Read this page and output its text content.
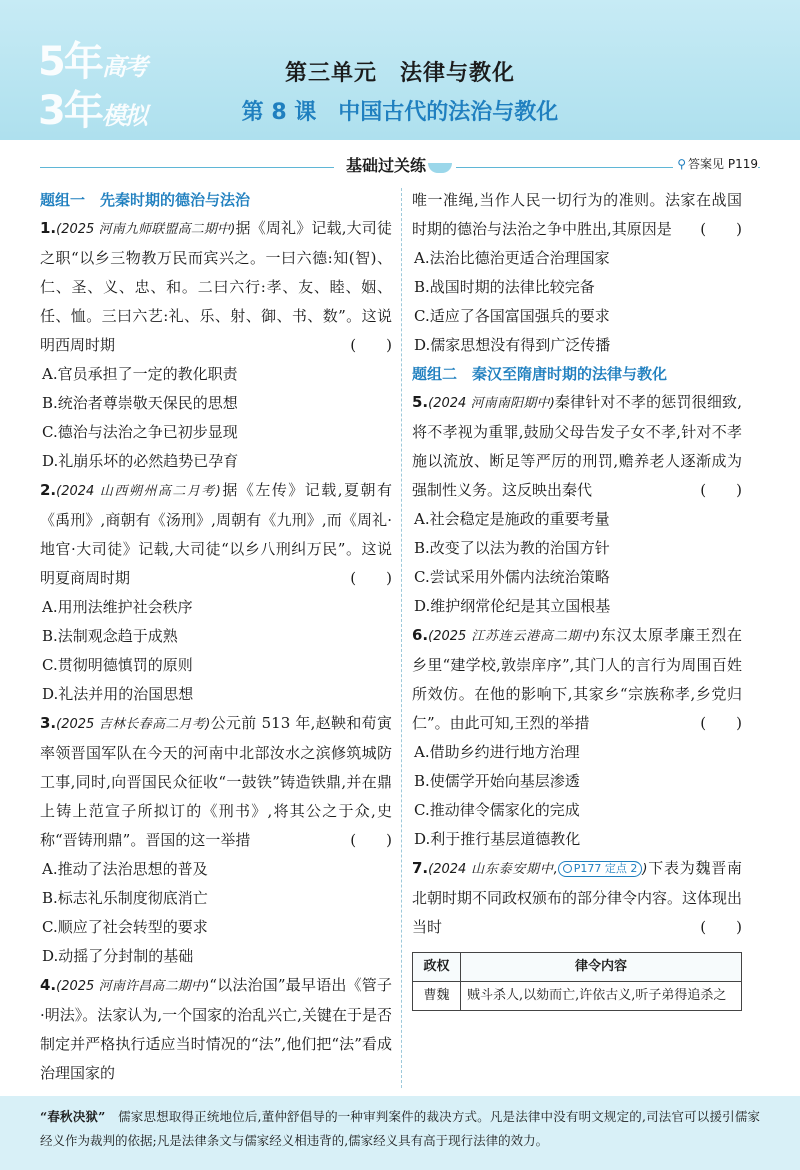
5年高考
3年模拟
第三单元　法律与教化
第 8 课　中国古代的法治与教化
基础过关练	⚲ 答案见 P119
题组一　先秦时期的德治与法治
1.(2025 河南九师联盟高二期中)据《周礼》记载,大司徒之职“以乡三物教万民而宾兴之。一曰六德:知(智)、仁、圣、义、忠、和。二曰六行:孝、友、睦、姻、任、恤。三曰六艺:礼、乐、射、御、书、数”。这说明西周时期	(　　)
A.官员承担了一定的教化职责
B.统治者尊崇敬天保民的思想
C.德治与法治之争已初步显现
D.礼崩乐坏的必然趋势已孕育
2.(2024 山西朔州高二月考)据《左传》记载,夏朝有《禹刑》,商朝有《汤刑》,周朝有《九刑》,而《周礼·地官·大司徒》记载,大司徒“以乡八刑纠万民”。这说明夏商周时期	(　　)
A.用刑法维护社会秩序
B.法制观念趋于成熟
C.贯彻明德慎罚的原则
D.礼法并用的治国思想
3.(2025 吉林长春高二月考)公元前 513 年,赵鞅和荀寅率领晋国军队在今天的河南中北部汝水之滨修筑城防工事,同时,向晋国民众征收“一鼓铁”铸造铁鼎,并在鼎上铸上范宣子所拟订的《刑书》,将其公之于众,史称“晋铸刑鼎”。晋国的这一举措	(　　)
A.推动了法治思想的普及
B.标志礼乐制度彻底消亡
C.顺应了社会转型的要求
D.动摇了分封制的基础
4.(2025 河南许昌高二期中)“以法治国”最早语出《管子·明法》。法家认为,一个国家的治乱兴亡,关键在于是否制定并严格执行适应当时情况的“法”,他们把“法”看成治理国家的
唯一准绳,当作人民一切行为的准则。法家在战国时期的德治与法治之争中胜出,其原因是 (　　)
A.法治比德治更适合治理国家
B.战国时期的法律比较完备
C.适应了各国富国强兵的要求
D.儒家思想没有得到广泛传播
题组二　秦汉至隋唐时期的法律与教化
5.(2024 河南南阳期中)秦律针对不孝的惩罚很细致,将不孝视为重罪,鼓励父母告发子女不孝,针对不孝施以流放、断足等严厉的刑罚,赡养老人逐渐成为强制性义务。这反映出秦代	(　　)
A.社会稳定是施政的重要考量
B.改变了以法为教的治国方针
C.尝试采用外儒内法统治策略
D.维护纲常伦纪是其立国根基
6.(2025 江苏连云港高二期中)东汉太原孝廉王烈在乡里“建学校,敦崇庠序”,其门人的言行为周围百姓所效仿。在他的影响下,其家乡“宗族称孝,乡党归仁”。由此可知,王烈的举措	(　　)
A.借助乡约进行地方治理
B.使儒学开始向基层渗透
C.推动律令儒家化的完成
D.利于推行基层道德教化
7.(2024 山东泰安期中, P177 定点 2 )下表为魏晋南北朝时期不同政权颁布的部分律令内容。这体现出当时	(　　)
政权	律令内容
曹魏	贼斗杀人,以劾而亡,许依古义,听子弟得追杀之
“春秋决狱”　儒家思想取得正统地位后,董仲舒倡导的一种审判案件的裁决方式。凡是法律中没有明文规定的,司法官可以援引儒家经义作为裁判的依据;凡是法律条文与儒家经义相违背的,儒家经义具有高于现行法律的效力。
